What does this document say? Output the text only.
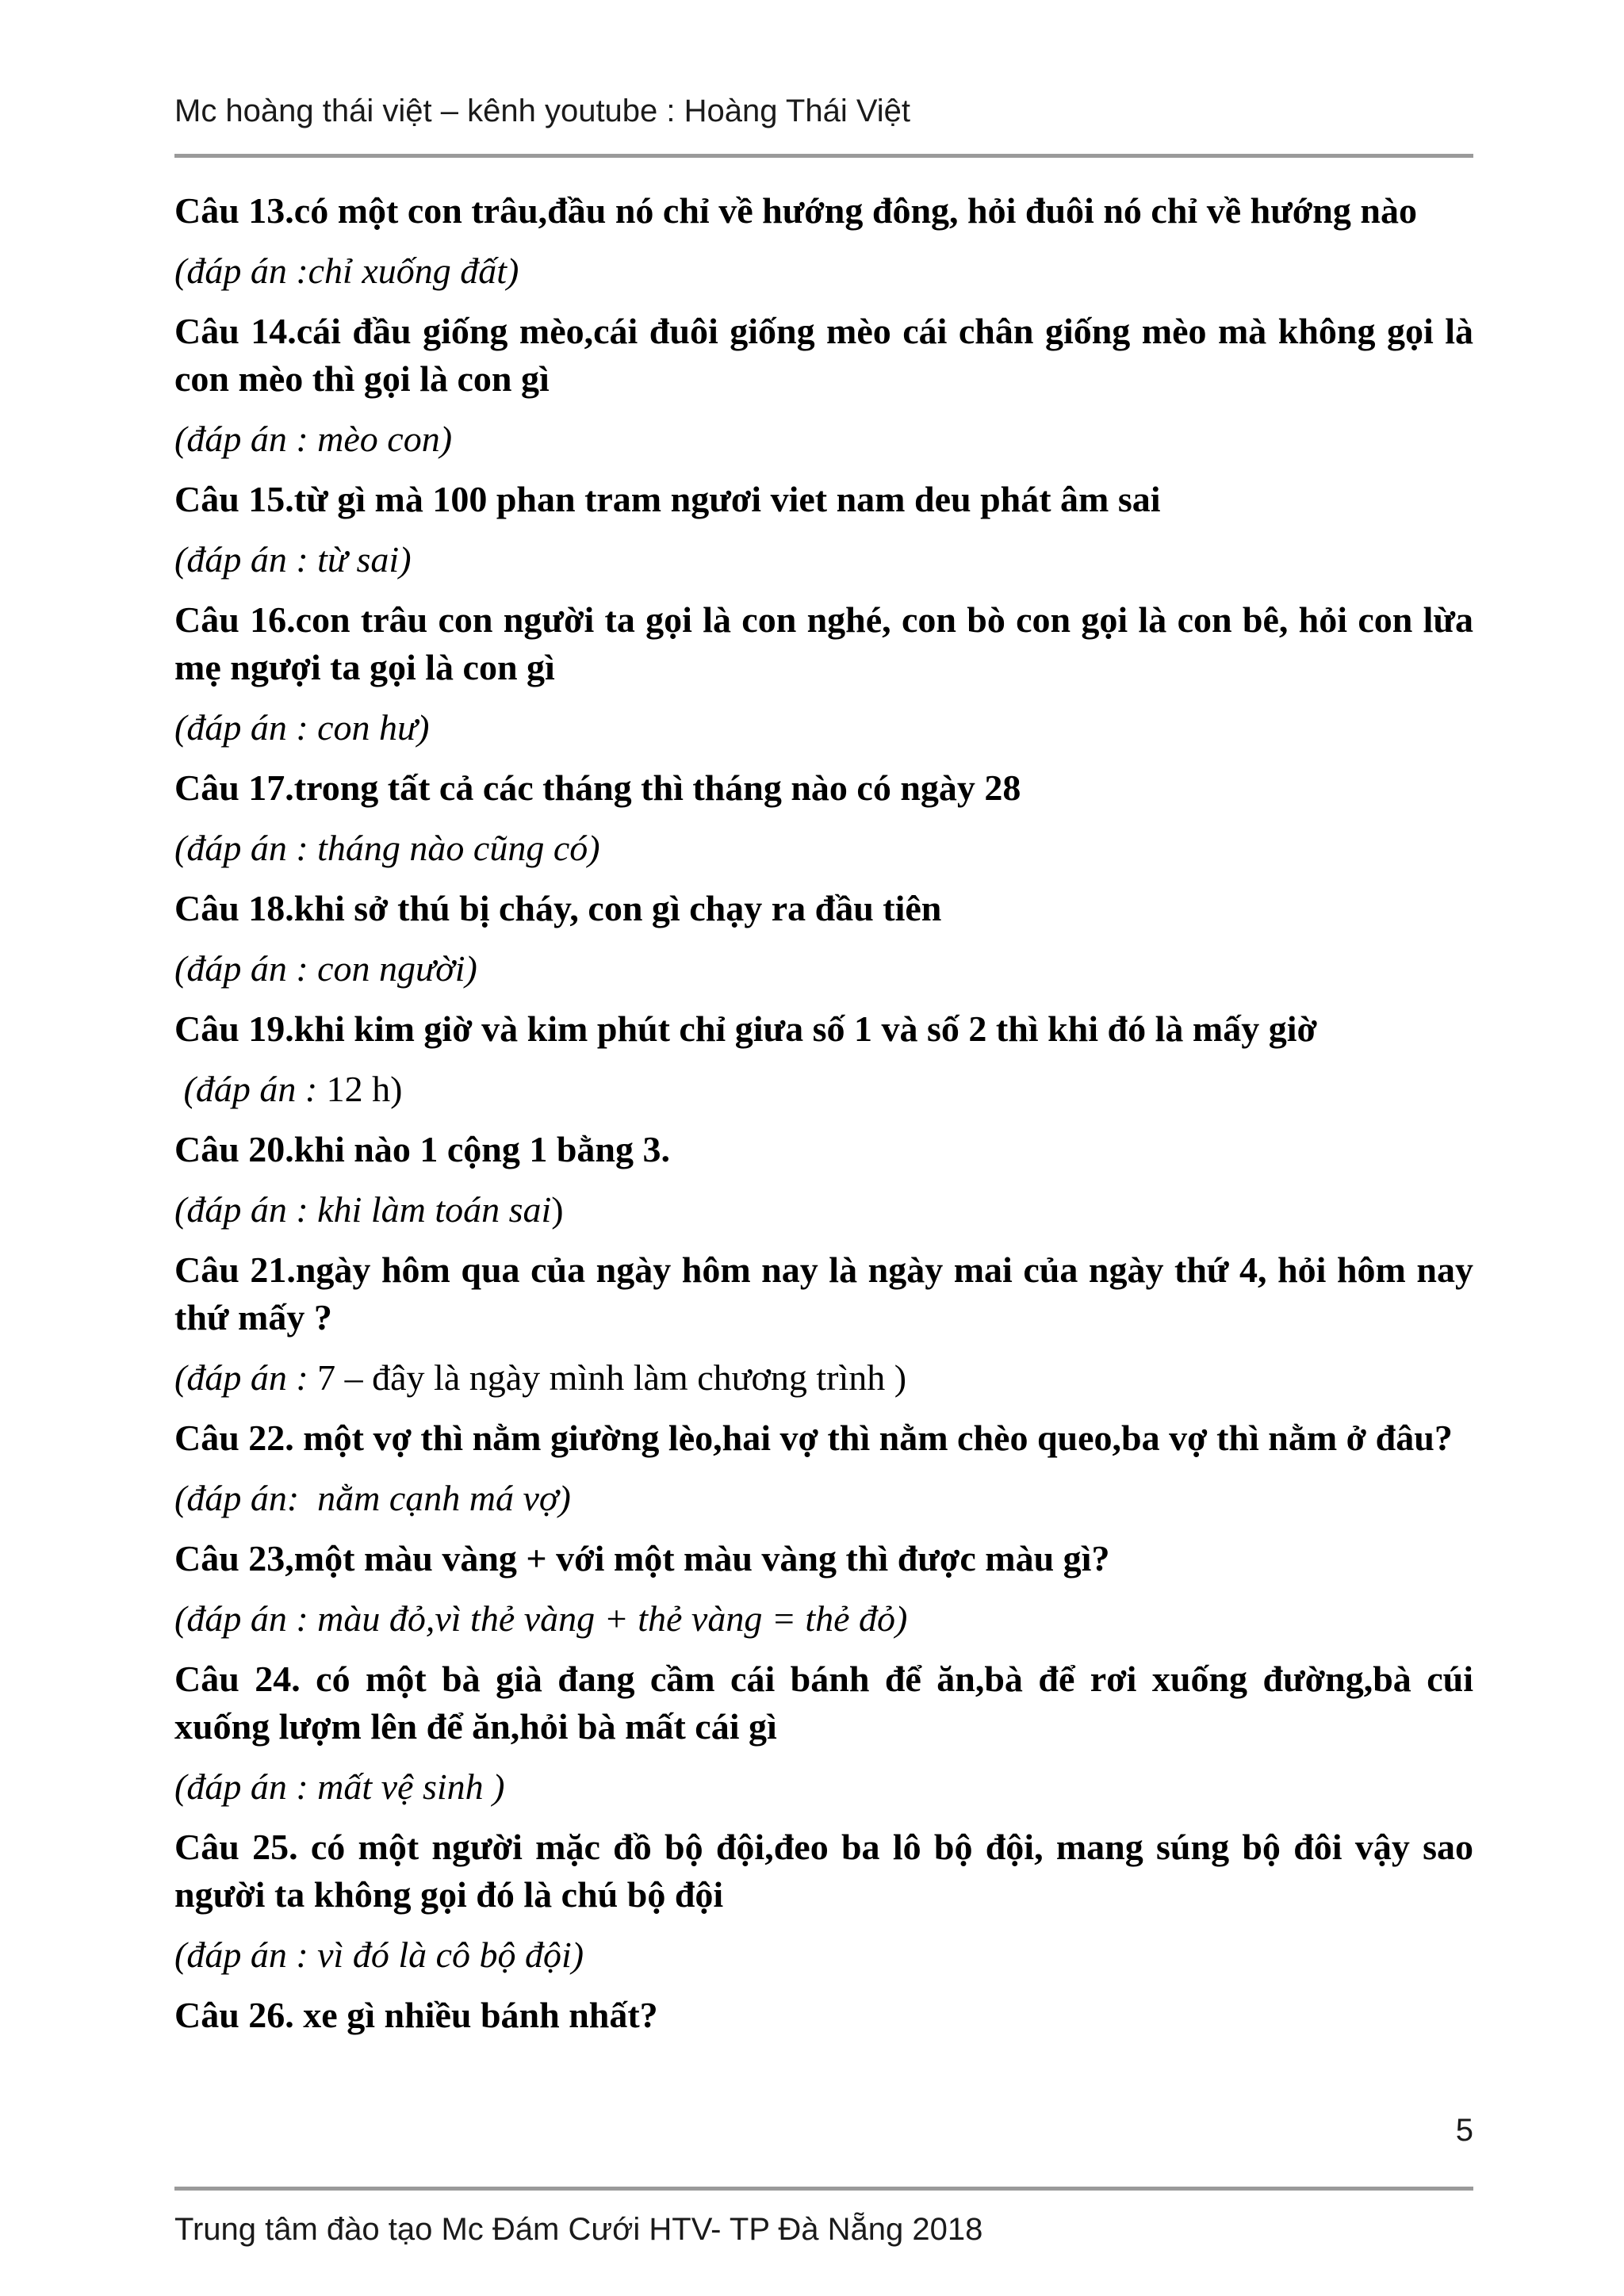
Mc hoàng thái việt – kênh youtube : Hoàng Thái Việt

Câu 13.có một con trâu,đầu nó chỉ về hướng đông, hỏi đuôi nó chỉ về hướng nào

(đáp án :chỉ xuống đất)

Câu 14.cái đầu giống mèo,cái đuôi giống mèo cái chân giống mèo mà không gọi là con mèo thì gọi là con gì

(đáp án : mèo con)

Câu 15.từ gì mà 100 phan tram ngươi viet nam deu phát âm sai

(đáp án : từ sai)

Câu 16.con trâu con người ta gọi là con nghé, con bò con gọi là con bê, hỏi con lừa mẹ ngượi ta gọi là con gì

(đáp án : con hư)

Câu 17.trong tất cả các tháng thì tháng nào có ngày 28

(đáp án : tháng nào cũng có)

Câu 18.khi sở thú bị cháy, con gì chạy ra đầu tiên

(đáp án : con người)

Câu 19.khi kim giờ và kim phút chỉ giưa số 1 và số 2 thì khi đó là mấy giờ

(đáp án : 12 h)

Câu 20.khi nào 1 cộng 1 bằng 3.

(đáp án : khi làm toán sai)

Câu 21.ngày hôm qua của ngày hôm nay là ngày mai của ngày thứ 4, hỏi hôm nay thứ mấy ?

(đáp án : 7 – đây là ngày mình làm chương trình )

Câu 22. một vợ thì nằm giường lèo,hai vợ thì nằm chèo queo,ba vợ thì nằm ở đâu?

(đáp án:  nằm cạnh má vợ)

Câu 23,một màu vàng + với một màu vàng thì được màu gì?

(đáp án : màu đỏ,vì thẻ vàng + thẻ vàng = thẻ đỏ)

Câu 24. có một bà già đang cầm cái bánh để ăn,bà để rơi xuống đường,bà cúi xuống lượm lên để ăn,hỏi bà mất cái gì

(đáp án : mất vệ sinh )

Câu 25. có một người mặc đồ bộ đội,đeo ba lô bộ đội, mang súng bộ đôi vậy sao người ta không gọi đó là chú bộ đội

(đáp án : vì đó là cô bộ đội)

Câu 26. xe gì nhiều bánh nhất?

5
Trung tâm đào tạo Mc Đám Cưới HTV- TP Đà Nẵng 2018
